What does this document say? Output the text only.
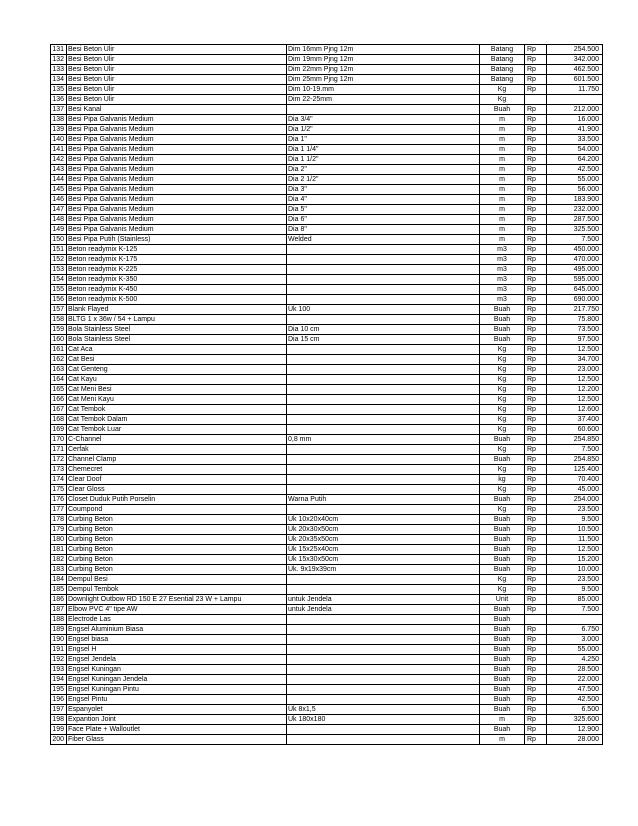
131	Besi Beton Ulir	Dim 16mm Pjng 12m	Batang	Rp	254.500
132	Besi Beton Ulir	Dim 19mm Pjng 12m	Batang	Rp	342.000
133	Besi Beton Ulir	Dim 22mm Pjng 12m	Batang	Rp	462.500
134	Besi Beton Ulir	Dim 25mm Pjng 12m	Batang	Rp	601.500
135	Besi Beton Ulir	Dim 10-19.mm	Kg	Rp	11.750
136	Besi Beton Ulir	Dim 22-25mm	Kg		
137	Besi Kanal		Buah	Rp	212.000
138	Besi Pipa Galvanis Medium	Dia 3/4"	m	Rp	16.000
139	Besi Pipa Galvanis Medium	Dia 1/2"	m	Rp	41.900
140	Besi Pipa Galvanis Medium	Dia 1"	m	Rp	33.500
141	Besi Pipa Galvanis Medium	Dia 1 1/4"	m	Rp	54.000
142	Besi Pipa Galvanis Medium	Dia 1 1/2"	m	Rp	64.200
143	Besi Pipa Galvanis Medium	Dia 2"	m	Rp	42.500
144	Besi Pipa Galvanis Medium	Dia 2 1/2"	m	Rp	55.000
145	Besi Pipa Galvanis Medium	Dia 3"	m	Rp	56.000
146	Besi Pipa Galvanis Medium	Dia 4"	m	Rp	183.900
147	Besi Pipa Galvanis Medium	Dia 5"	m	Rp	232.000
148	Besi Pipa Galvanis Medium	Dia 6"	m	Rp	287.500
149	Besi Pipa Galvanis Medium	Dia 8"	m	Rp	325.500
150	Besi Pipa Putih (Stainless)	Welded	m	Rp	7.500
151	Beton readymix K-125		m3	Rp	450.000
152	Beton readymix K-175		m3	Rp	470.000
153	Beton readymix K-225		m3	Rp	495.000
154	Beton readymix K-350		m3	Rp	595.000
155	Beton readymix K-450		m3	Rp	645.000
156	Beton readymix K-500		m3	Rp	690.000
157	Blank Flayed	Uk 100	Buah	Rp	217.750
158	BLTG 1 x 36w / 54 + Lampu		Buah	Rp	75.800
159	Bola Stainless Steel	Dia 10 cm	Buah	Rp	73.500
160	Bola Stainless Steel	Dia 15 cm	Buah	Rp	97.500
161	Cat Aca		Kg	Rp	12.500
162	Cat Besi		Kg	Rp	34.700
163	Cat Genteng		Kg	Rp	23.000
164	Cat Kayu		Kg	Rp	12.500
165	Cat Meni Besi		Kg	Rp	12.200
166	Cat Meni Kayu		Kg	Rp	12.500
167	Cat Tembok		Kg	Rp	12.600
168	Cat Tembok Dalam		Kg	Rp	37.400
169	Cat Tembok Luar		Kg	Rp	60.600
170	C-Channel	0,8 mm	Buah	Rp	254.850
171	Cerfak		Kg	Rp	7.500
172	Channel Clamp		Buah	Rp	254.850
173	Chemecret		Kg	Rp	125.400
174	Clear Doof		kg	Rp	70.400
175	Clear Gloss		Kg	Rp	45.000
176	Closet Duduk Putih Porselin	Warna Putih	Buah	Rp	254.000
177	Coumpond		Kg	Rp	23.500
178	Curbing Beton	Uk 10x20x40cm	Buah	Rp	9.500
179	Curbing Beton	Uk 20x30x50cm	Buah	Rp	10.500
180	Curbing Beton	Uk 20x35x50cm	Buah	Rp	11.500
181	Curbing Beton	Uk 15x25x40cm	Buah	Rp	12.500
182	Curbing Beton	Uk 15x30x50cm	Buah	Rp	15.200
183	Curbing Beton	Uk. 9x19x39cm	Buah	Rp	10.000
184	Dempul Besi		Kg	Rp	23.500
185	Dempul Tembok		Kg	Rp	9.500
186	Downlight Outbow RD 150 E 27 Esential 23 W + Lampu	untuk Jendela	Unit	Rp	85.000
187	Elbow PVC 4" tipe AW	untuk Jendela	Buah	Rp	7.500
188	Electrode Las		Buah		
189	Engsel Aluminium Biasa		Buah	Rp	6.750
190	Engsel biasa		Buah	Rp	3.000
191	Engsel H		Buah	Rp	55.000
192	Engsel Jendela		Buah	Rp	4.250
193	Engsel Kuningan		Buah	Rp	28.500
194	Engsel Kuningan Jendela		Buah	Rp	22.000
195	Engsel Kuningan Pintu		Buah	Rp	47.500
196	Engsel Pintu		Buah	Rp	42.500
197	Espanyolet	Uk 8x1,5	Buah	Rp	6.500
198	Expantion Joint	Uk 180x180	m	Rp	325.600
199	Face Plate + Walloutlet		Buah	Rp	12.900
200	Fiber Glass		m	Rp	28.000
